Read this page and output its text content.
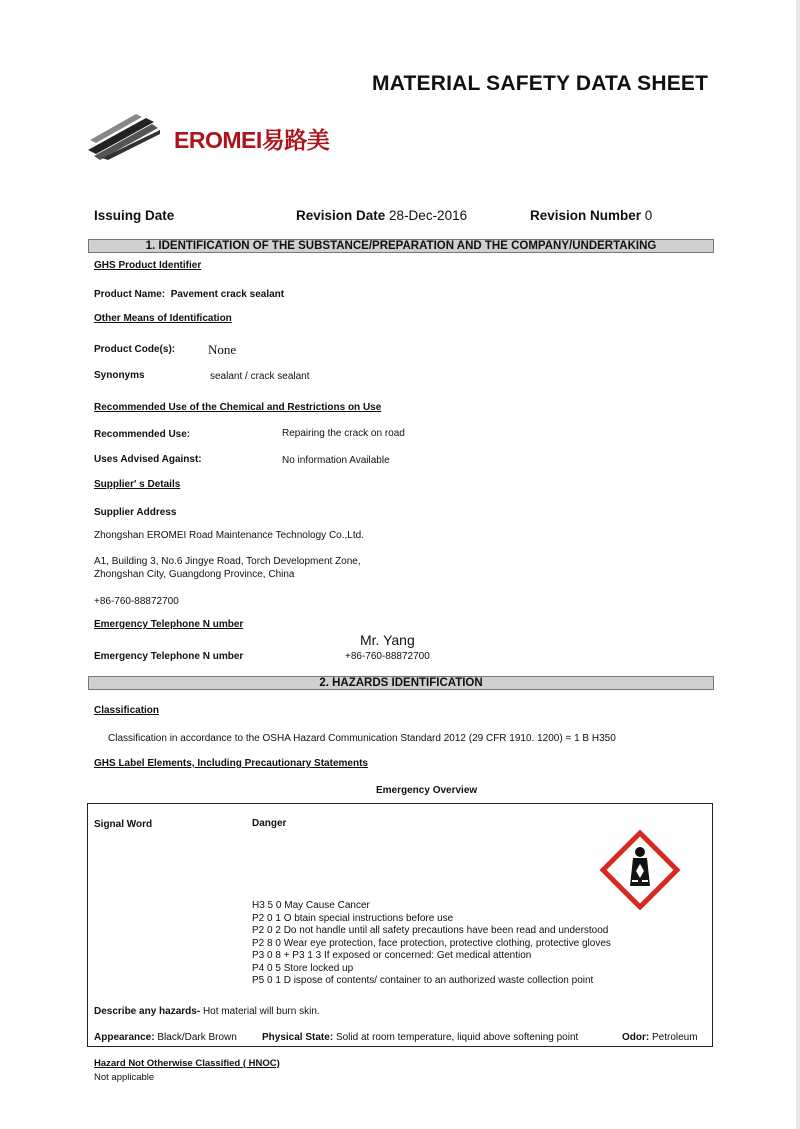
MATERIAL SAFETY DATA SHEET
EROMEI易路美
Issuing Date	Revision Date 28-Dec-2016	Revision Number 0
1. IDENTIFICATION OF THE SUBSTANCE/PREPARATION AND THE COMPANY/UNDERTAKING
GHS Product Identifier
Product Name: Pavement crack sealant
Other Means of Identification
Product Code(s):	None
Synonyms	sealant / crack sealant
Recommended Use of the Chemical and Restrictions on Use
Recommended Use:	Repairing the crack on road
Uses Advised Against:	No information Available
Supplier' s Details
Supplier Address
Zhongshan EROMEI Road Maintenance Technology Co.,Ltd.
A1, Building 3, No.6 Jingye Road, Torch Development Zone,
Zhongshan City, Guangdong Province, China
+86-760-88872700
Emergency Telephone N umber
Mr. Yang
Emergency Telephone N umber	+86-760-88872700
2. HAZARDS IDENTIFICATION
Classification
Classification in accordance to the OSHA Hazard Communication Standard 2012 (29 CFR 1910. 1200) = 1 B H350
GHS Label Elements, Including Precautionary Statements
Emergency Overview
Signal Word	Danger
H3 5 0 May Cause Cancer
P2 0 1 O btain special instructions before use
P2 0 2 Do not handle until all safety precautions have been read and understood
P2 8 0 Wear eye protection, face protection, protective clothing, protective gloves
P3 0 8 + P3 1 3 If exposed or concerned: Get medical attention
P4 0 5 Store locked up
P5 0 1 D ispose of contents/ container to an authorized waste collection point
Describe any hazards- Hot material will burn skin.
Appearance: Black/Dark Brown	Physical State: Solid at room temperature, liquid above softening point	Odor: Petroleum
Hazard Not Otherwise Classified ( HNOC)
Not applicable
